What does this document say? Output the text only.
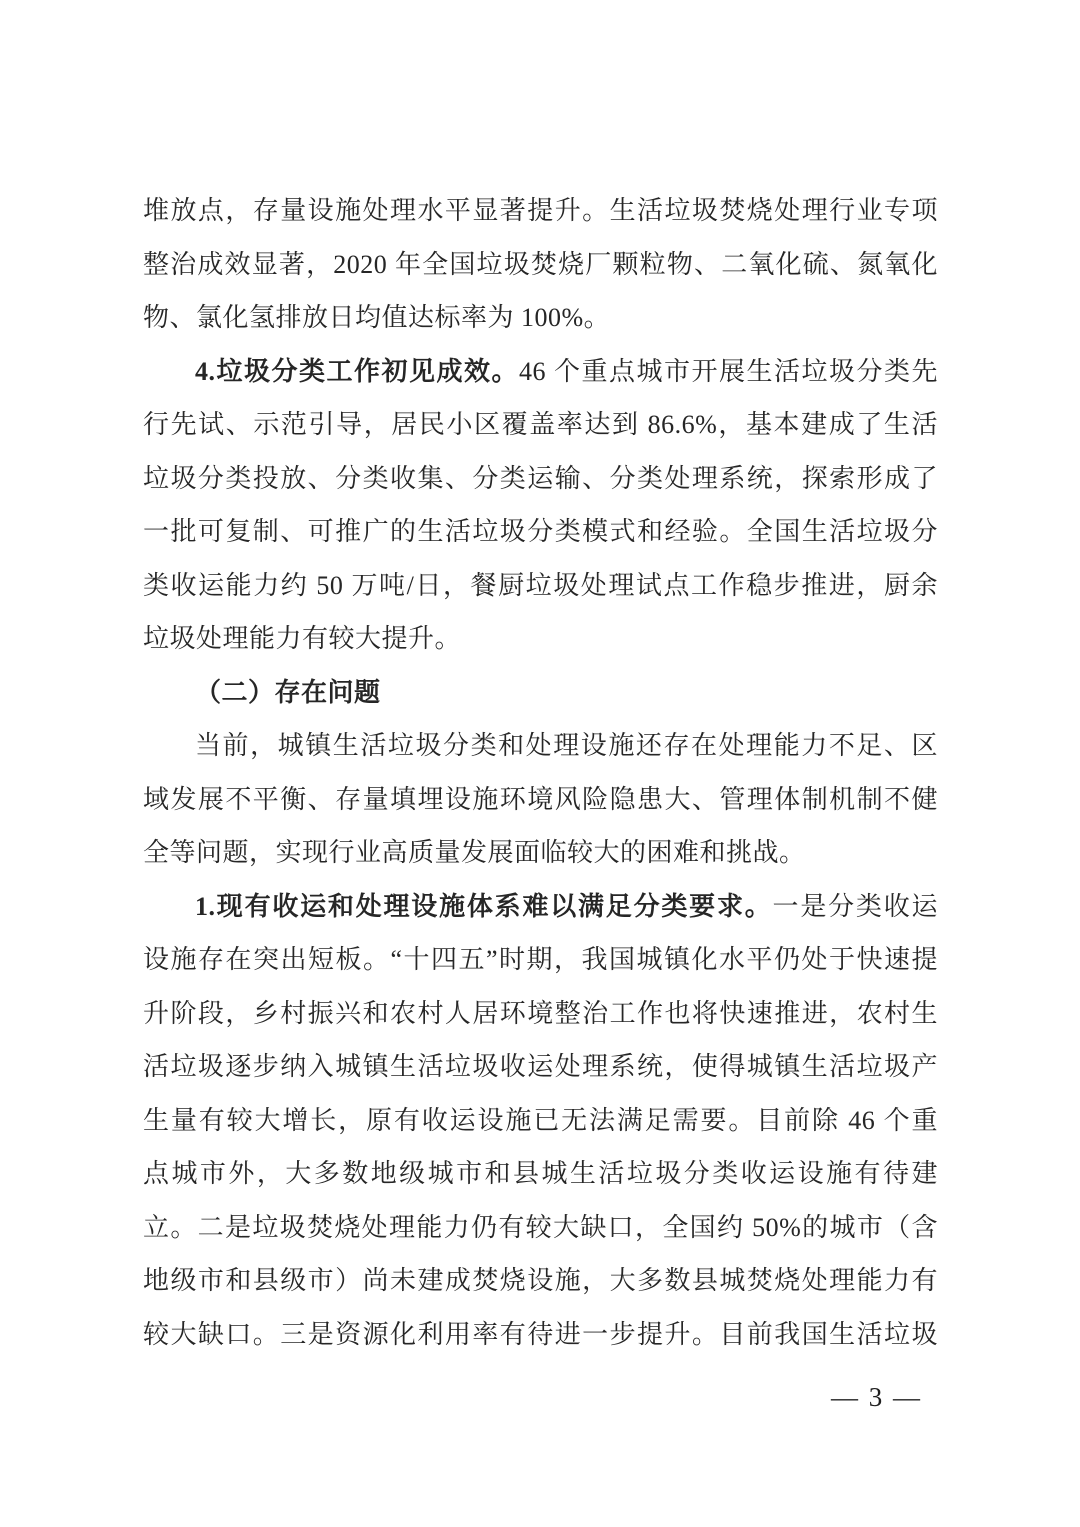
堆放点，存量设施处理水平显著提升。生活垃圾焚烧处理行业专项
整治成效显著，2020 年全国垃圾焚烧厂颗粒物、二氧化硫、氮氧化
物、氯化氢排放日均值达标率为 100%。
4.垃圾分类工作初见成效。46 个重点城市开展生活垃圾分类先
行先试、示范引导，居民小区覆盖率达到 86.6%，基本建成了生活
垃圾分类投放、分类收集、分类运输、分类处理系统，探索形成了
一批可复制、可推广的生活垃圾分类模式和经验。全国生活垃圾分
类收运能力约 50 万吨/日，餐厨垃圾处理试点工作稳步推进，厨余
垃圾处理能力有较大提升。
（二）存在问题
当前，城镇生活垃圾分类和处理设施还存在处理能力不足、区
域发展不平衡、存量填埋设施环境风险隐患大、管理体制机制不健
全等问题，实现行业高质量发展面临较大的困难和挑战。
1.现有收运和处理设施体系难以满足分类要求。一是分类收运
设施存在突出短板。“十四五”时期，我国城镇化水平仍处于快速提
升阶段，乡村振兴和农村人居环境整治工作也将快速推进，农村生
活垃圾逐步纳入城镇生活垃圾收运处理系统，使得城镇生活垃圾产
生量有较大增长，原有收运设施已无法满足需要。目前除 46 个重
点城市外，大多数地级城市和县城生活垃圾分类收运设施有待建
立。二是垃圾焚烧处理能力仍有较大缺口，全国约 50%的城市（含
地级市和县级市）尚未建成焚烧设施，大多数县城焚烧处理能力有
较大缺口。三是资源化利用率有待进一步提升。目前我国生活垃圾
— 3 —
